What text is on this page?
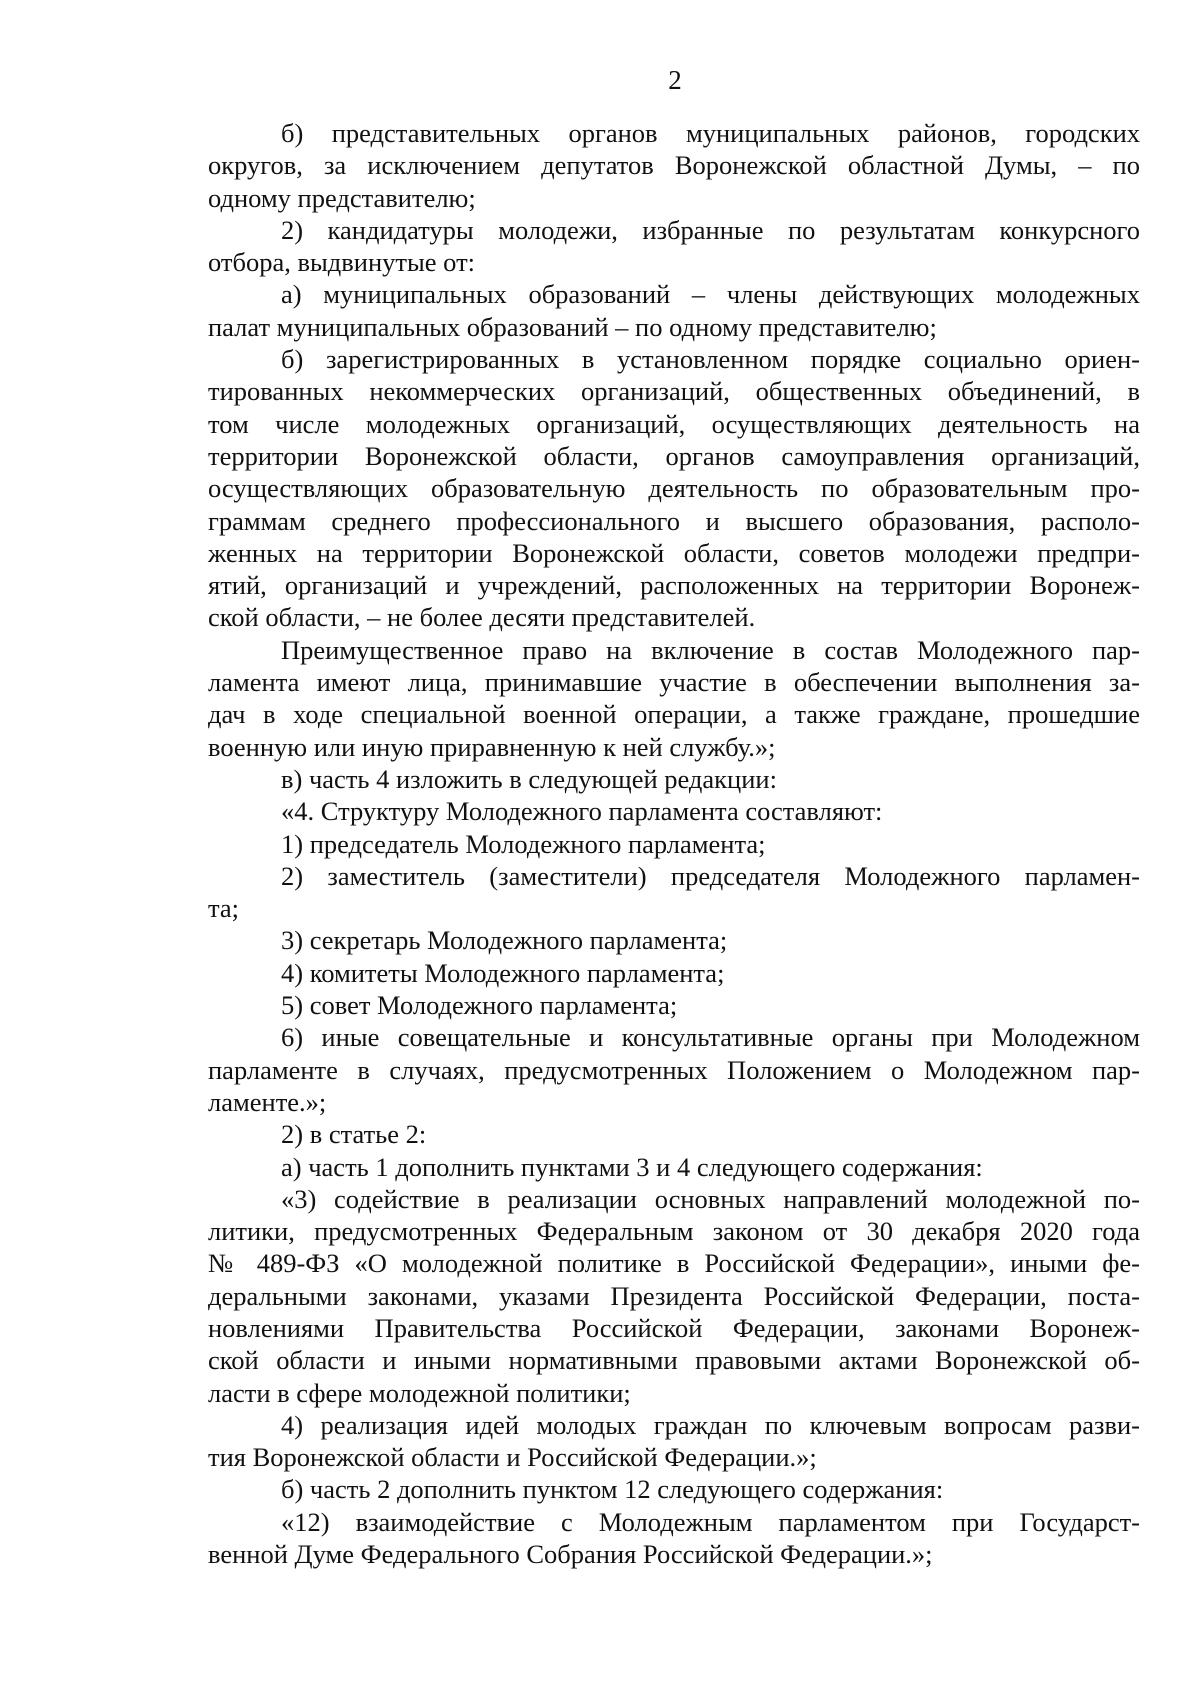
2
б) представительных органов муниципальных районов, городских
округов, за исключением депутатов Воронежской областной Думы, – по
одному представителю;
2) кандидатуры молодежи, избранные по результатам конкурсного
отбора, выдвинутые от:
а) муниципальных образований – члены действующих молодежных
палат муниципальных образований – по одному представителю;
б) зарегистрированных в установленном порядке социально ориен-
тированных некоммерческих организаций, общественных объединений, в
том числе молодежных организаций, осуществляющих деятельность на
территории Воронежской области, органов самоуправления организаций,
осуществляющих образовательную деятельность по образовательным про-
граммам среднего профессионального и высшего образования, располо-
женных на территории Воронежской области, советов молодежи предпри-
ятий, организаций и учреждений, расположенных на территории Воронеж-
ской области, – не более десяти представителей.
Преимущественное право на включение в состав Молодежного пар-
ламента имеют лица, принимавшие участие в обеспечении выполнения за-
дач в ходе специальной военной операции, а также граждане, прошедшие
военную или иную приравненную к ней службу.»;
в) часть 4 изложить в следующей редакции:
«4. Структуру Молодежного парламента составляют:
1) председатель Молодежного парламента;
2) заместитель (заместители) председателя Молодежного парламен-
та;
3) секретарь Молодежного парламента;
4) комитеты Молодежного парламента;
5) совет Молодежного парламента;
6) иные совещательные и консультативные органы при Молодежном
парламенте в случаях, предусмотренных Положением о Молодежном пар-
ламенте.»;
2) в статье 2:
а) часть 1 дополнить пунктами 3 и 4 следующего содержания:
«3) содействие в реализации основных направлений молодежной по-
литики, предусмотренных Федеральным законом от 30 декабря 2020 года
№ 489-ФЗ «О молодежной политике в Российской Федерации», иными фе-
деральными законами, указами Президента Российской Федерации, поста-
новлениями Правительства Российской Федерации, законами Воронеж-
ской области и иными нормативными правовыми актами Воронежской об-
ласти в сфере молодежной политики;
4) реализация идей молодых граждан по ключевым вопросам разви-
тия Воронежской области и Российской Федерации.»;
б) часть 2 дополнить пунктом 12 следующего содержания:
«12) взаимодействие с Молодежным парламентом при Государст-
венной Думе Федерального Собрания Российской Федерации.»;
